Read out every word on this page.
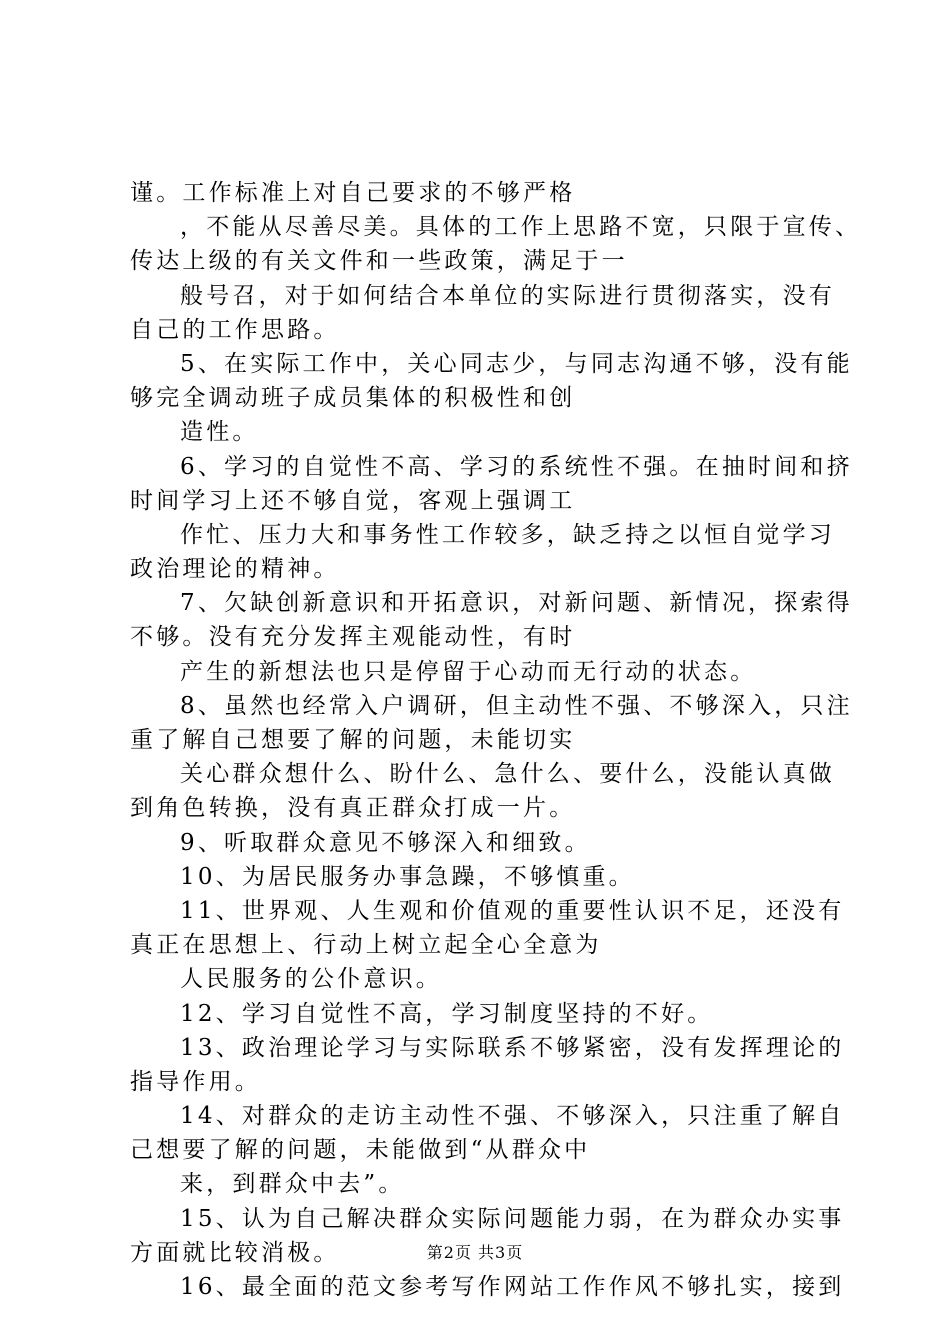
谨。工作标准上对自己要求的不够严格
，不能从尽善尽美。具体的工作上思路不宽，只限于宣传、
传达上级的有关文件和一些政策，满足于一
般号召，对于如何结合本单位的实际进行贯彻落实，没有
自己的工作思路。
5、在实际工作中，关心同志少，与同志沟通不够，没有能
够完全调动班子成员集体的积极性和创
造性。
6、学习的自觉性不高、学习的系统性不强。在抽时间和挤
时间学习上还不够自觉，客观上强调工
作忙、压力大和事务性工作较多，缺乏持之以恒自觉学习
政治理论的精神。
7、欠缺创新意识和开拓意识，对新问题、新情况，探索得
不够。没有充分发挥主观能动性，有时
产生的新想法也只是停留于心动而无行动的状态。
8、虽然也经常入户调研，但主动性不强、不够深入，只注
重了解自己想要了解的问题，未能切实
关心群众想什么、盼什么、急什么、要什么，没能认真做
到角色转换，没有真正群众打成一片。
9、听取群众意见不够深入和细致。
10、为居民服务办事急躁，不够慎重。
11、世界观、人生观和价值观的重要性认识不足，还没有
真正在思想上、行动上树立起全心全意为
人民服务的公仆意识。
12、学习自觉性不高，学习制度坚持的不好。
13、政治理论学习与实际联系不够紧密，没有发挥理论的
指导作用。
14、对群众的走访主动性不强、不够深入，只注重了解自
己想要了解的问题，未能做到“从群众中
来，到群众中去”。
15、认为自己解决群众实际问题能力弱，在为群众办实事
方面就比较消极。
16、最全面的范文参考写作网站工作作风不够扎实，接到
第2页 共3页
